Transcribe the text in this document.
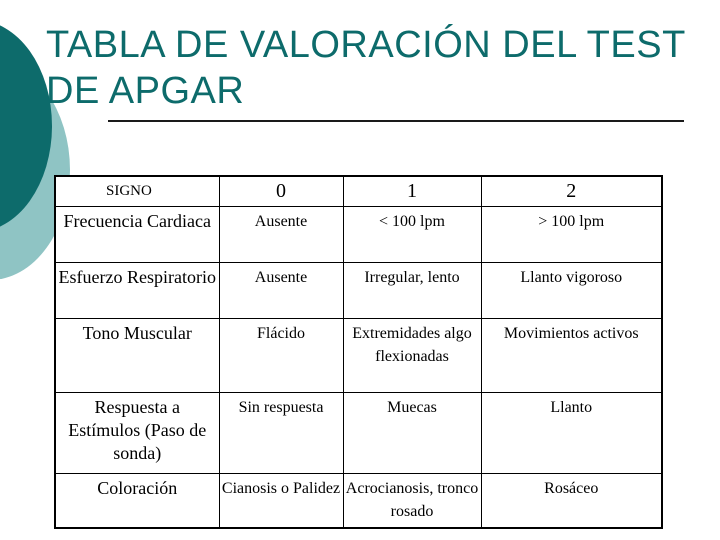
TABLA DE VALORACIÓN DEL TEST DE APGAR
SIGNO	0	1	2
Frecuencia Cardiaca	Ausente	< 100 lpm	> 100 lpm
Esfuerzo Respiratorio	Ausente	Irregular, lento	Llanto vigoroso
Tono Muscular	Flácido	Extremidades algo flexionadas	Movimientos activos
Respuesta a Estímulos (Paso de sonda)	Sin respuesta	Muecas	Llanto
Coloración	Cianosis o Palidez	Acrocianosis, tronco rosado	Rosáceo
